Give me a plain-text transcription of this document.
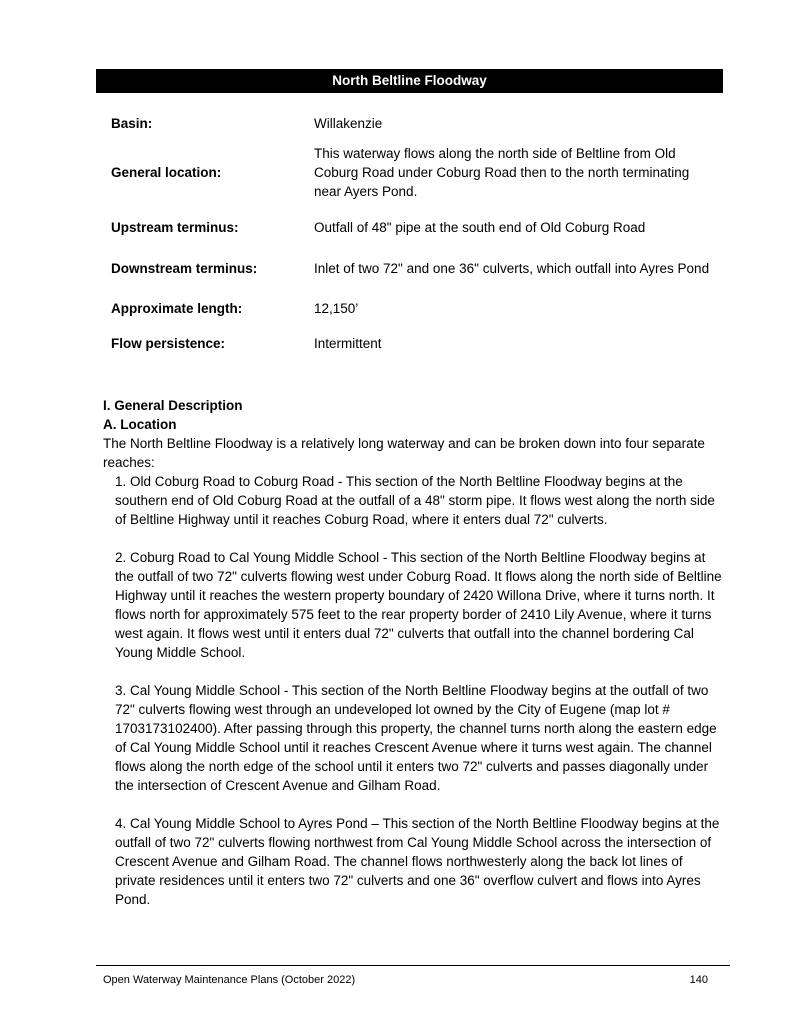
North Beltline Floodway
Basin:	Willakenzie
General location:
This waterway flows along the north side of Beltline from Old Coburg Road under Coburg Road then to the north terminating near Ayers Pond.
Upstream terminus:	Outfall of 48" pipe at the south end of Old Coburg Road
Downstream terminus:	Inlet of two 72" and one 36" culverts, which outfall into Ayres Pond
Approximate length:	12,150’
Flow persistence:	Intermittent
I. General Description
A. Location

The North Beltline Floodway is a relatively long waterway and can be broken down into four separate reaches:

1. Old Coburg Road to Coburg Road - This section of the North Beltline Floodway begins at the southern end of Old Coburg Road at the outfall of a 48" storm pipe. It flows west along the north side of Beltline Highway until it reaches Coburg Road, where it enters dual 72" culverts.

2. Coburg Road to Cal Young Middle School - This section of the North Beltline Floodway begins at the outfall of two 72" culverts flowing west under Coburg Road. It flows along the north side of Beltline Highway until it reaches the western property boundary of 2420 Willona Drive, where it turns north. It flows north for approximately 575 feet to the rear property border of 2410 Lily Avenue, where it turns west again. It flows west until it enters dual 72" culverts that outfall into the channel bordering Cal Young Middle School.

3. Cal Young Middle School - This section of the North Beltline Floodway begins at the outfall of two 72" culverts flowing west through an undeveloped lot owned by the City of Eugene (map lot # 1703173102400). After passing through this property, the channel turns north along the eastern edge of Cal Young Middle School until it reaches Crescent Avenue where it turns west again. The channel flows along the north edge of the school until it enters two 72" culverts and passes diagonally under the intersection of Crescent Avenue and Gilham Road.

4. Cal Young Middle School to Ayres Pond – This section of the North Beltline Floodway begins at the outfall of two 72" culverts flowing northwest from Cal Young Middle School across the intersection of Crescent Avenue and Gilham Road. The channel flows northwesterly along the back lot lines of private residences until it enters two 72" culverts and one 36" overflow culvert and flows into Ayres Pond.

Open Waterway Maintenance Plans (October 2022)	140
